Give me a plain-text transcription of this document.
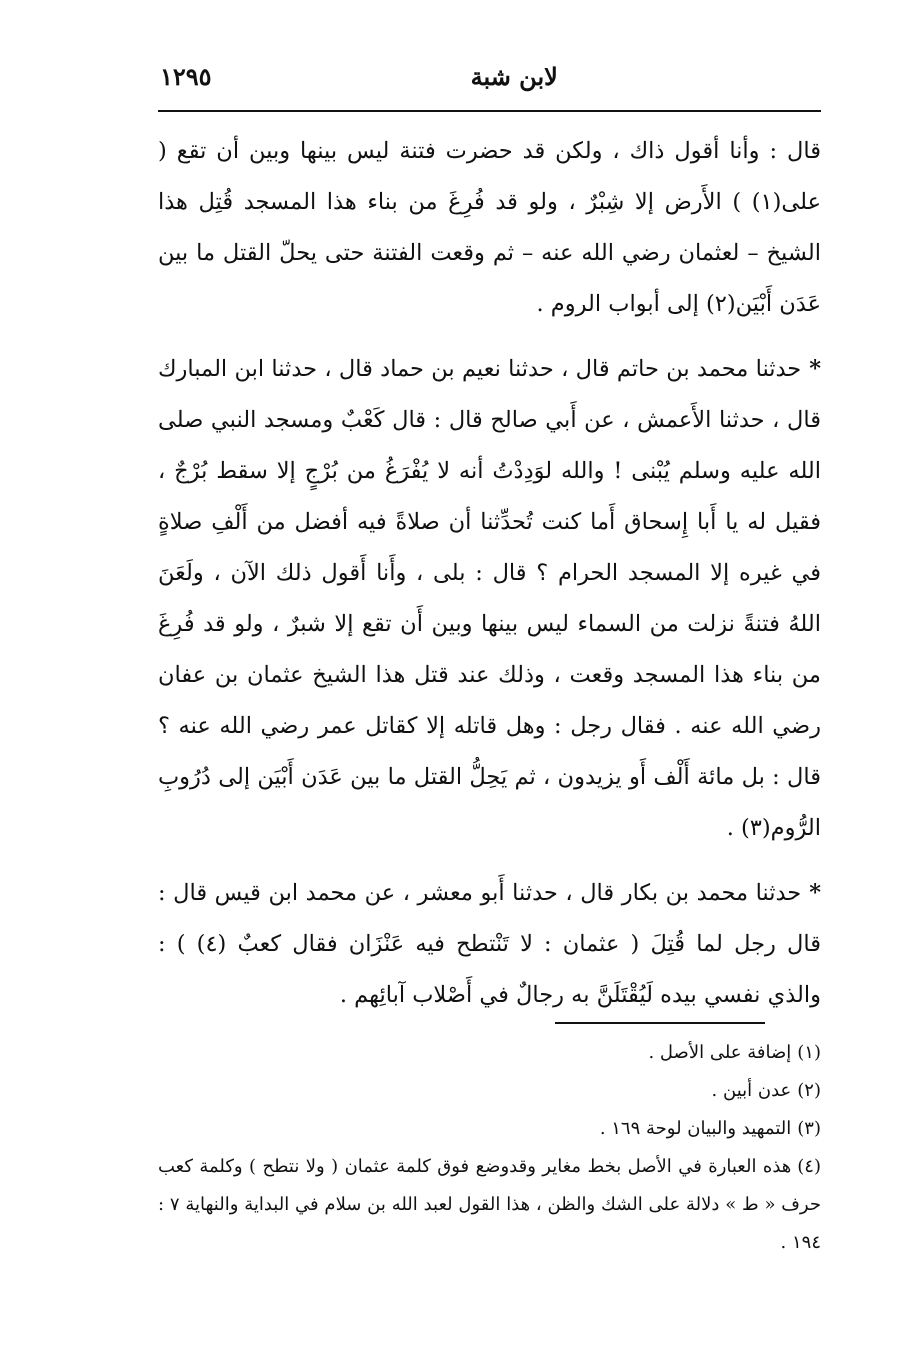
لابن شبة
١٢٩٥

قال : وأنا أقول ذاك ، ولكن قد حضرت فتنة ليس بينها وبين أن تقع ( على(١) ) الأَرض إلا شِبْرٌ ، ولو قد فُرِغَ من بناء هذا المسجد قُتِل هذا الشيخ – لعثمان رضي الله عنه – ثم وقعت الفتنة حتى يحلّ القتل ما بين عَدَن أَبْيَن(٢) إلى أبواب الروم .

*حدثنا محمد بن حاتم قال ، حدثنا نعيم بن حماد قال ، حدثنا ابن المبارك قال ، حدثنا الأَعمش ، عن أَبي صالح قال : قال كَعْبٌ ومسجد النبي صلى الله عليه وسلم يُبْنى ! والله لوَدِدْتُ أنه لا يُفْرَغُ من بُرْجٍ إلا سقط بُرْجٌ ، فقيل له يا أَبا إِسحاق أَما كنت تُحدِّثنا أن صلاةً فيه أفضل من أَلْفِ صلاةٍ في غيره إلا المسجد الحرام ؟ قال : بلى ، وأَنا أَقول ذلك الآن ، ولَعَنَ اللهُ فتنةً نزلت من السماء ليس بينها وبين أَن تقع إلا شبرٌ ، ولو قد فُرِغَ من بناء هذا المسجد وقعت ، وذلك عند قتل هذا الشيخ عثمان بن عفان رضي الله عنه . فقال رجل : وهل قاتله إلا كقاتل عمر رضي الله عنه ؟ قال : بل مائة أَلْف أَو يزيدون ، ثم يَحِلُّ القتل ما بين عَدَن أَبْيَن إلى دُرُوبِ الرُّوم(٣) .

*حدثنا محمد بن بكار قال ، حدثنا أَبو معشر ، عن محمد ابن قيس قال : قال رجل لما قُتِلَ ( عثمان : لا تَنْتطح فيه عَنْزَان فقال كعبٌ (٤) ) : والذي نفسي بيده لَيُقْتَلَنَّ به رجالٌ في أَصْلاب آبائِهم .

(١)إضافة على الأصل .

(٢)عدن أبين .

(٣)التمهيد والبيان لوحة ١٦٩ .

(٤)هذه العبارة في الأصل بخط مغاير وقدوضع فوق كلمة عثمان ( ولا نتطح ) وكلمة كعب حرف « ط » دلالة على الشك والظن ، هذا القول لعبد الله بن سلام في البداية والنهاية ٧ : ١٩٤ .
